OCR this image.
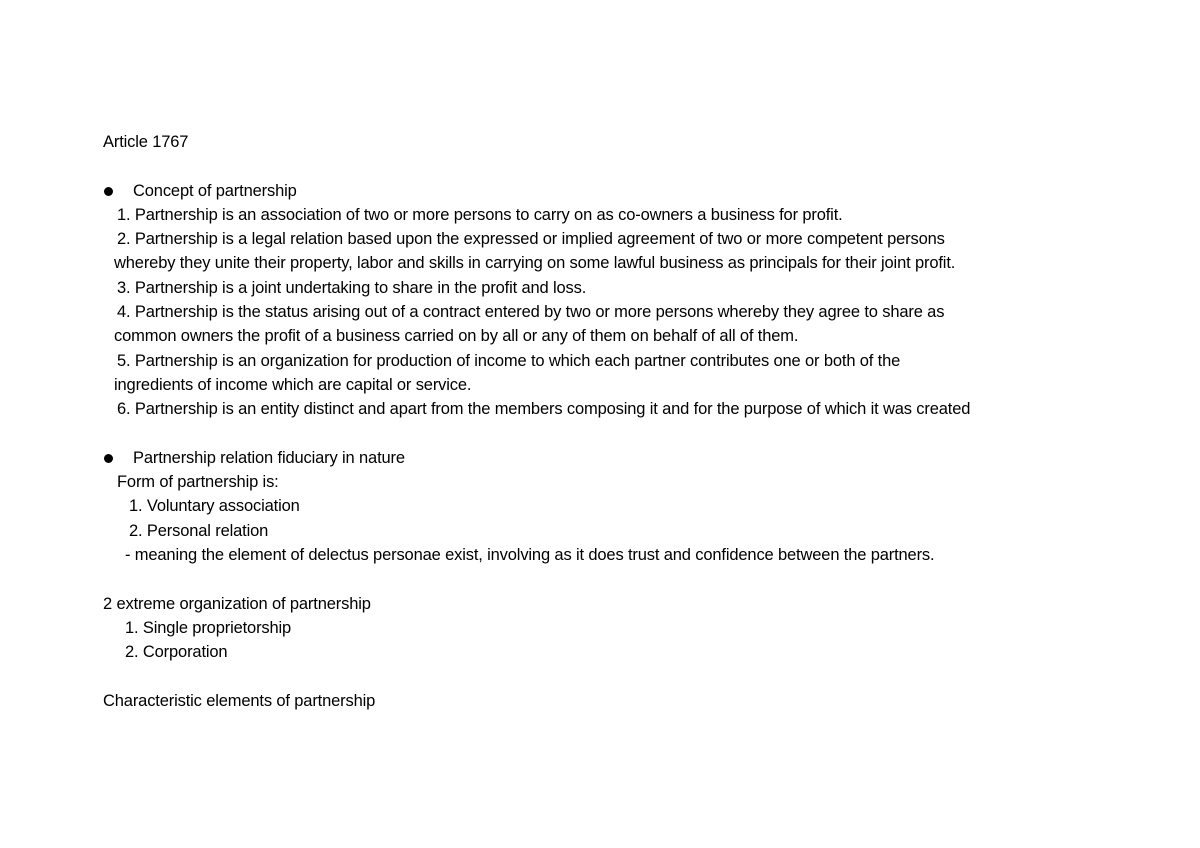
Article 1767
Concept of partnership
1. Partnership is an association of two or more persons to carry on as co-owners a business for profit.
2. Partnership is a legal relation based upon the expressed or implied agreement of two or more competent persons
whereby they unite their property, labor and skills in carrying on some lawful business as principals for their joint profit.
3. Partnership is a joint undertaking to share in the profit and loss.
4. Partnership is the status arising out of a contract entered by two or more persons whereby they agree to share as
common owners the profit of a business carried on by all or any of them on behalf of all of them.
5. Partnership is an organization for production of income to which each partner contributes one or both of the
ingredients of income which are capital or service.
6. Partnership is an entity distinct and apart from the members composing it and for the purpose of which it was created
Partnership relation fiduciary in nature
Form of partnership is:
1. Voluntary association
2. Personal relation
- meaning the element of delectus personae exist, involving as it does trust and confidence between the partners.
2 extreme organization of partnership
1. Single proprietorship
2. Corporation
Characteristic elements of partnership
